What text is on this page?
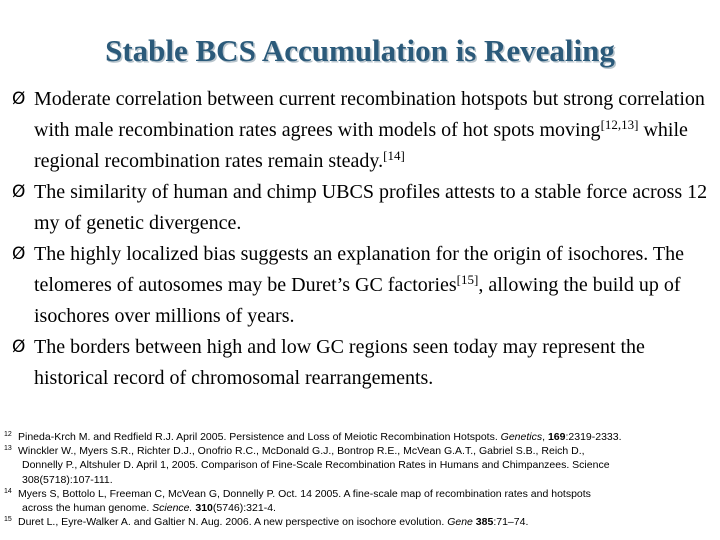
Stable BCS Accumulation is Revealing
Ø Moderate correlation between current recombination hotspots but strong correlation with male recombination rates agrees with models of hot spots moving[12,13] while regional recombination rates remain steady.[14]
Ø The similarity of human and chimp UBCS profiles attests to a stable force across 12 my of genetic divergence.
Ø The highly localized bias suggests an explanation for the origin of isochores. The telomeres of autosomes may be Duret’s GC factories[15], allowing the build up of isochores over millions of years.
Ø The borders between high and low GC regions seen today may represent the historical record of chromosomal rearrangements.
12 Pineda-Krch M. and Redfield R.J. April 2005. Persistence and Loss of Meiotic Recombination Hotspots. Genetics, 169:2319-2333.
13 Winckler W., Myers S.R., Richter D.J., Onofrio R.C., McDonald G.J., Bontrop R.E., McVean G.A.T., Gabriel S.B., Reich D.,
Donnelly P., Altshuler D. April 1, 2005. Comparison of Fine-Scale Recombination Rates in Humans and Chimpanzees. Science
308(5718):107-111.
14 Myers S, Bottolo L, Freeman C, McVean G, Donnelly P. Oct. 14 2005. A fine-scale map of recombination rates and hotspots
across the human genome. Science. 310(5746):321-4.
15 Duret L., Eyre-Walker A. and Galtier N. Aug. 2006. A new perspective on isochore evolution. Gene 385:71–74.
